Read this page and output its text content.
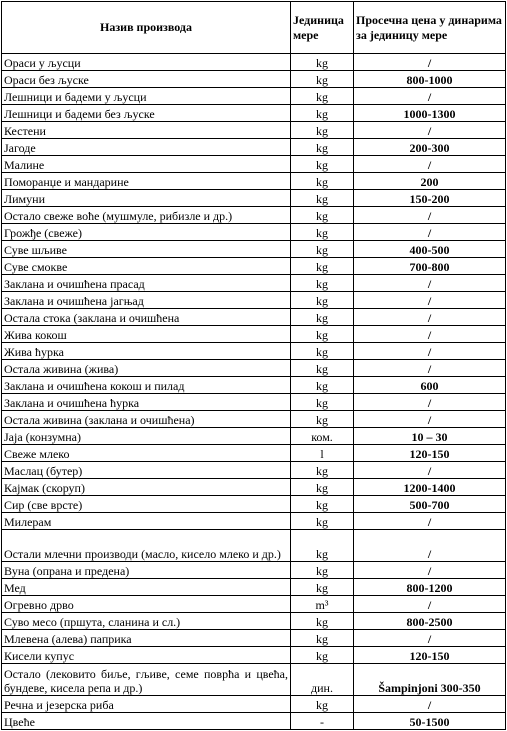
Назив производа	Јединица мере	Просечна цена у динарима за јединицу мере
Ораси у љусци	kg	/
Ораси без љуске	kg	800-1000
Лешници и бадеми у љусци	kg	/
Лешници и бадеми без љуске	kg	1000-1300
Кестени	kg	/
Јагоде	kg	200-300
Малине	kg	/
Поморанџе и мандарине	kg	200
Лимуни	kg	150-200
Остало свеже воће (мушмуле, рибизле и др.)	kg	/
Грожђе (свеже)	kg	/
Суве шљиве	kg	400-500
Суве смокве	kg	700-800
Заклана и очишћена прасад	kg	/
Заклана и очишћена јагњад	kg	/
Остала стока (заклана и очишћена	kg	/
Жива кокош	kg	/
Жива ћурка	kg	/
Остала живина (жива)	kg	/
Заклана и очишћена кокош и пилад	kg	600
Заклана и очишћена ћурка	kg	/
Остала живина (заклана и очишћена)	kg	/
Јаја (конзумна)	ком.	10 – 30
Свеже млеко	l	120-150
Маслац (бутер)	kg	/
Кајмак (скоруп)	kg	1200-1400
Сир (све врсте)	kg	500-700
Милерам	kg	/
Остали млечни производи (масло, кисело млеко и др.)	kg	/
Вуна (опрана и предена)	kg	/
Мед	kg	800-1200
Огревно дрво	m³	/
Суво месо (пршута, сланина и сл.)	kg	800-2500
Млевена (алева) паприка	kg	/
Кисели купус	kg	120-150
Остало (лековито биље, гљиве, семе поврћа и цвећа, бундеве, кисела репа и др.)	дин.	Šampinjoni 300-350
Речна и језерска риба	kg	/
Цвеће	-	50-1500
